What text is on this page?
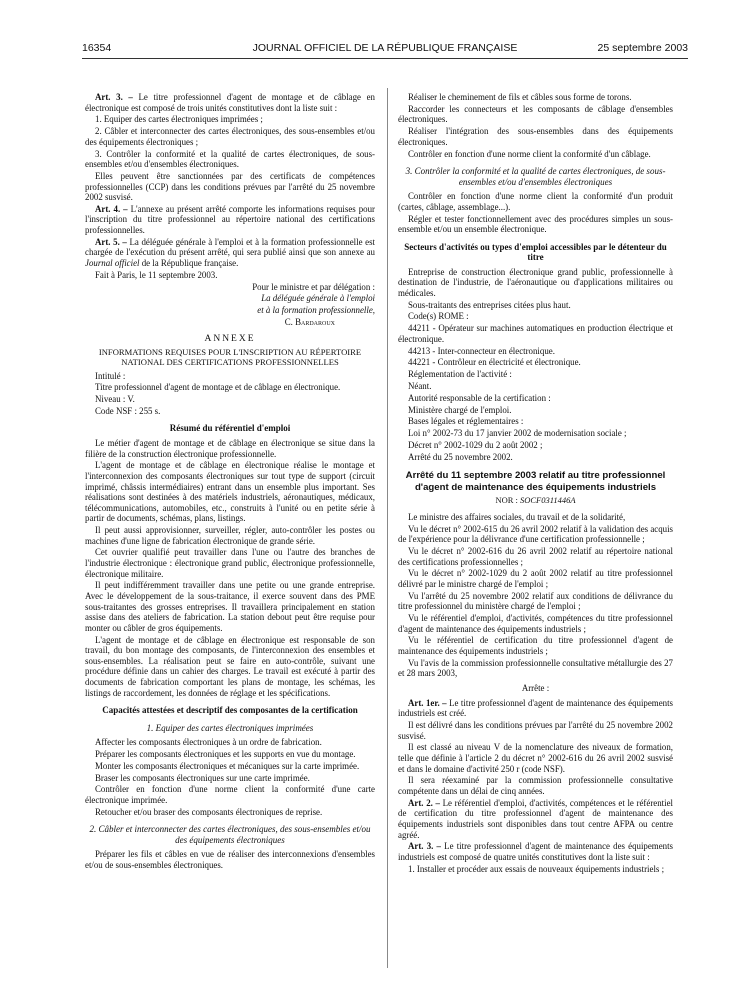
16354	JOURNAL OFFICIEL DE LA RÉPUBLIQUE FRANÇAISE	25 septembre 2003

Art. 3. – Le titre professionnel d'agent de montage et de câblage en électronique est composé de trois unités constitutives dont la liste suit :

1. Equiper des cartes électroniques imprimées ;

2. Câbler et interconnecter des cartes électroniques, des sous-ensembles et/ou des équipements électroniques ;

3. Contrôler la conformité et la qualité de cartes électroniques, de sous-ensembles et/ou d'ensembles électroniques.

Elles peuvent être sanctionnées par des certificats de compétences professionnelles (CCP) dans les conditions prévues par l'arrêté du 25 novembre 2002 susvisé.

Art. 4. – L'annexe au présent arrêté comporte les informations requises pour l'inscription du titre professionnel au répertoire national des certifications professionnelles.

Art. 5. – La déléguée générale à l'emploi et à la formation professionnelle est chargée de l'exécution du présent arrêté, qui sera publié ainsi que son annexe au Journal officiel de la République française.

Fait à Paris, le 11 septembre 2003.

Pour le ministre et par délégation :

La déléguée générale à l'emploi

et à la formation professionnelle,

C. Bardaroux

ANNEXE
INFORMATIONS REQUISES POUR L'INSCRIPTION AU RÉPERTOIRE NATIONAL DES CERTIFICATIONS PROFESSIONNELLES

Intitulé :

Titre professionnel d'agent de montage et de câblage en électronique.

Niveau : V.

Code NSF : 255 s.

Résumé du référentiel d'emploi

Le métier d'agent de montage et de câblage en électronique se situe dans la filière de la construction électronique professionnelle.

L'agent de montage et de câblage en électronique réalise le montage et l'interconnexion des composants électroniques sur tout type de support (circuit imprimé, châssis intermédiaires) entrant dans un ensemble plus important. Ses réalisations sont destinées à des matériels industriels, aéronautiques, médicaux, télécommunications, automobiles, etc., construits à l'unité ou en petite série à partir de documents, schémas, plans, listings.

Il peut aussi approvisionner, surveiller, régler, auto-contrôler les postes ou machines d'une ligne de fabrication électronique de grande série.

Cet ouvrier qualifié peut travailler dans l'une ou l'autre des branches de l'industrie électronique : électronique grand public, électronique professionnelle, électronique militaire.

Il peut indifféremment travailler dans une petite ou une grande entreprise. Avec le développement de la sous-traitance, il exerce souvent dans des PME sous-traitantes des grosses entreprises. Il travaillera principalement en station assise dans des ateliers de fabrication. La station debout peut être requise pour monter ou câbler de gros équipements.

L'agent de montage et de câblage en électronique est responsable de son travail, du bon montage des composants, de l'interconnexion des ensembles et sous-ensembles. La réalisation peut se faire en auto-contrôle, suivant une procédure définie dans un cahier des charges. Le travail est exécuté à partir des documents de fabrication comportant les plans de montage, les schémas, les listings de raccordement, les données de réglage et les spécifications.

Capacités attestées et descriptif des composantes de la certification
1. Equiper des cartes électroniques imprimées

Affecter les composants électroniques à un ordre de fabrication.

Préparer les composants électroniques et les supports en vue du montage.

Monter les composants électroniques et mécaniques sur la carte imprimée.

Braser les composants électroniques sur une carte imprimée.

Contrôler en fonction d'une norme client la conformité d'une carte électronique imprimée.

Retoucher et/ou braser des composants électroniques de reprise.

2. Câbler et interconnecter des cartes électroniques, des sous-ensembles et/ou des équipements électroniques

Préparer les fils et câbles en vue de réaliser des interconnexions d'ensembles et/ou de sous-ensembles électroniques.

Réaliser le cheminement de fils et câbles sous forme de torons.

Raccorder les connecteurs et les composants de câblage d'ensembles électroniques.

Réaliser l'intégration des sous-ensembles dans des équipements électroniques.

Contrôler en fonction d'une norme client la conformité d'un câblage.

3. Contrôler la conformité et la qualité de cartes électroniques, de sous-ensembles et/ou d'ensembles électroniques

Contrôler en fonction d'une norme client la conformité d'un produit (cartes, câblage, assemblage...).

Régler et tester fonctionnellement avec des procédures simples un sous-ensemble et/ou un ensemble électronique.

Secteurs d'activités ou types d'emploi accessibles par le détenteur du titre

Entreprise de construction électronique grand public, professionnelle à destination de l'industrie, de l'aéronautique ou d'applications militaires ou médicales.

Sous-traitants des entreprises citées plus haut.

Code(s) ROME :

44211 - Opérateur sur machines automatiques en production électrique et électronique.

44213 - Inter-connecteur en électronique.

44221 - Contrôleur en électricité et électronique.

Réglementation de l'activité :

Néant.

Autorité responsable de la certification :

Ministère chargé de l'emploi.

Bases légales et réglementaires :

Loi n° 2002-73 du 17 janvier 2002 de modernisation sociale ;

Décret n° 2002-1029 du 2 août 2002 ;

Arrêté du 25 novembre 2002.

Arrêté du 11 septembre 2003 relatif au titre professionnel d'agent de maintenance des équipements industriels
NOR : SOCF0311446A

Le ministre des affaires sociales, du travail et de la solidarité,

Vu le décret n° 2002-615 du 26 avril 2002 relatif à la validation des acquis de l'expérience pour la délivrance d'une certification professionnelle ;

Vu le décret n° 2002-616 du 26 avril 2002 relatif au répertoire national des certifications professionnelles ;

Vu le décret n° 2002-1029 du 2 août 2002 relatif au titre professionnel délivré par le ministre chargé de l'emploi ;

Vu l'arrêté du 25 novembre 2002 relatif aux conditions de délivrance du titre professionnel du ministère chargé de l'emploi ;

Vu le référentiel d'emploi, d'activités, compétences du titre professionnel d'agent de maintenance des équipements industriels ;

Vu le référentiel de certification du titre professionnel d'agent de maintenance des équipements industriels ;

Vu l'avis de la commission professionnelle consultative métallurgie des 27 et 28 mars 2003,

Arrête :

Art. 1er. – Le titre professionnel d'agent de maintenance des équipements industriels est créé.

Il est délivré dans les conditions prévues par l'arrêté du 25 novembre 2002 susvisé.

Il est classé au niveau V de la nomenclature des niveaux de formation, telle que définie à l'article 2 du décret n° 2002-616 du 26 avril 2002 susvisé et dans le domaine d'activité 250 r (code NSF).

Il sera réexaminé par la commission professionnelle consultative compétente dans un délai de cinq années.

Art. 2. – Le référentiel d'emploi, d'activités, compétences et le référentiel de certification du titre professionnel d'agent de maintenance des équipements industriels sont disponibles dans tout centre AFPA ou centre agréé.

Art. 3. – Le titre professionnel d'agent de maintenance des équipements industriels est composé de quatre unités constitutives dont la liste suit :

1. Installer et procéder aux essais de nouveaux équipements industriels ;
